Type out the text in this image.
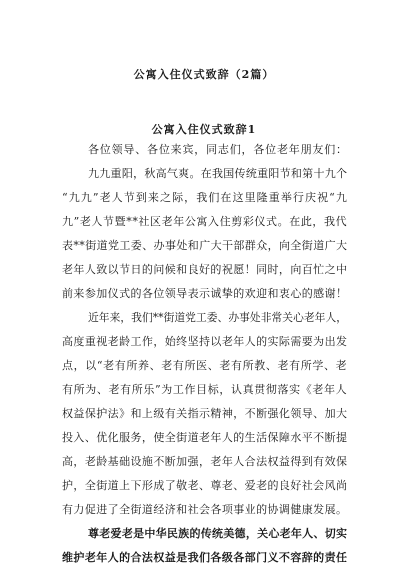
公寓入住仪式致辞（2篇）
公寓入住仪式致辞1
各位领导、各位来宾，同志们，各位老年朋友们：
九九重阳，秋高气爽。在我国传统重阳节和第十九个
“九九”老人节到来之际，我们在这里隆重举行庆祝“九
九”老人节暨**社区老年公寓入住剪彩仪式。在此，我代
表**街道党工委、办事处和广大干部群众，向全街道广大
老年人致以节日的问候和良好的祝愿！同时，向百忙之中
前来参加仪式的各位领导表示诚挚的欢迎和衷心的感谢！
近年来，我们**街道党工委、办事处非常关心老年人，
高度重视老龄工作，始终坚持以老年人的实际需要为出发
点，以“老有所养、老有所医、老有所教、老有所学、老
有所为、老有所乐”为工作目标，认真贯彻落实《老年人
权益保护法》和上级有关指示精神，不断强化领导、加大
投入、优化服务，使全街道老年人的生活保障水平不断提
高，老龄基础设施不断加强，老年人合法权益得到有效保
护，全街道上下形成了敬老、尊老、爱老的良好社会风尚
有力促进了全街道经济和社会各项事业的协调健康发展。
尊老爱老是中华民族的传统美德，关心老年人、切实
维护老年人的合法权益是我们各级各部门义不容辞的责任
